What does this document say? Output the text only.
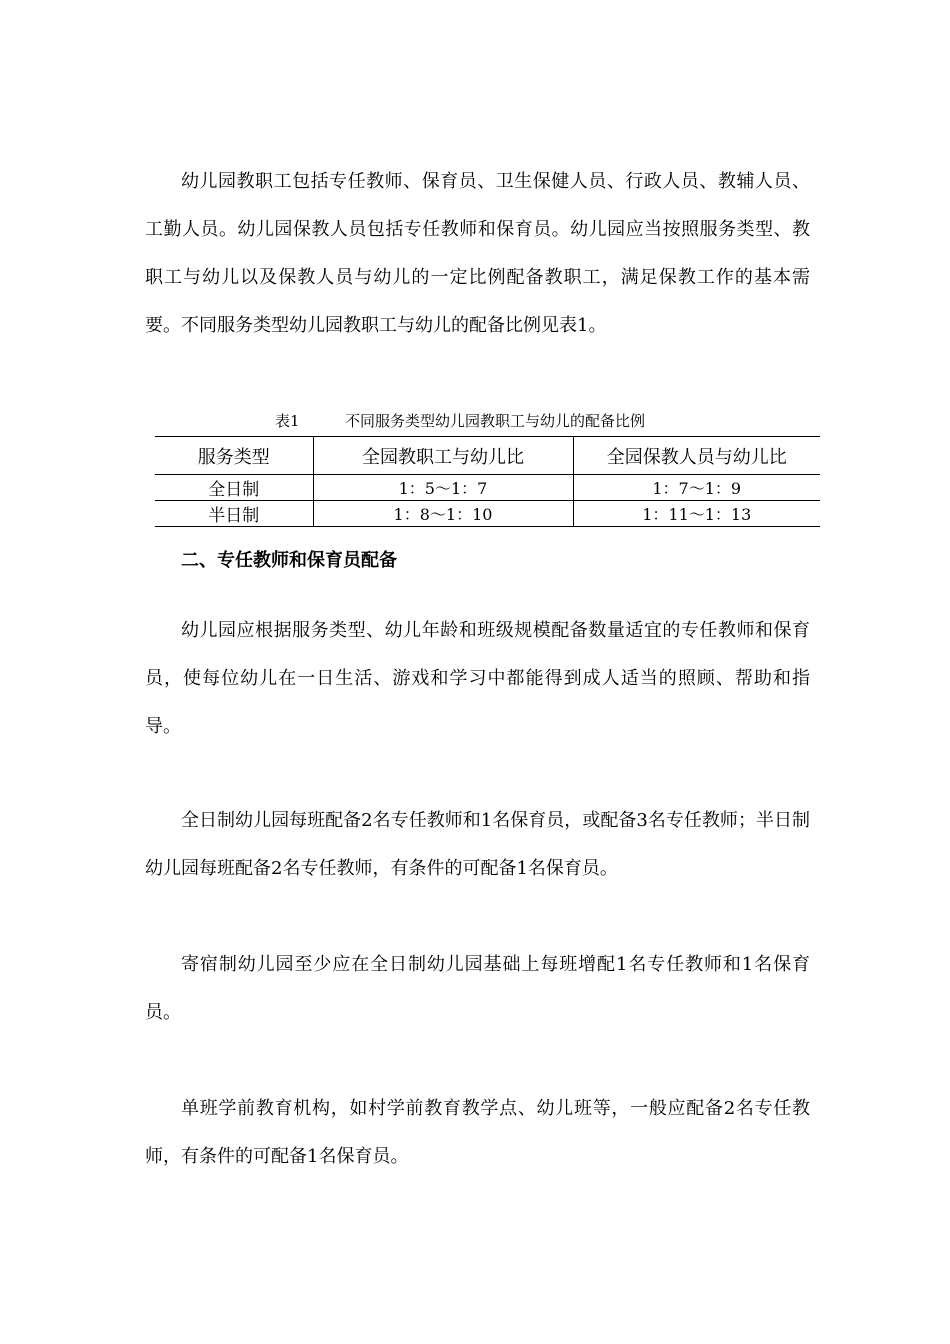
幼儿园教职工包括专任教师、保育员、卫生保健人员、行政人员、教辅人员、工勤人员。幼儿园保教人员包括专任教师和保育员。幼儿园应当按照服务类型、教职工与幼儿以及保教人员与幼儿的一定比例配备教职工，满足保教工作的基本需要。不同服务类型幼儿园教职工与幼儿的配备比例见表1。

表1	不同服务类型幼儿园教职工与幼儿的配备比例
服务类型	全园教职工与幼儿比	全园保教人员与幼儿比
全日制	1：5～1：7	1：7～1：9
半日制	1：8～1：10	1：11～1：13

二、专任教师和保育员配备

幼儿园应根据服务类型、幼儿年龄和班级规模配备数量适宜的专任教师和保育员，使每位幼儿在一日生活、游戏和学习中都能得到成人适当的照顾、帮助和指导。

全日制幼儿园每班配备2名专任教师和1名保育员，或配备3名专任教师；半日制幼儿园每班配备2名专任教师，有条件的可配备1名保育员。

寄宿制幼儿园至少应在全日制幼儿园基础上每班增配1名专任教师和1名保育员。

单班学前教育机构，如村学前教育教学点、幼儿班等，一般应配备2名专任教师，有条件的可配备1名保育员。
